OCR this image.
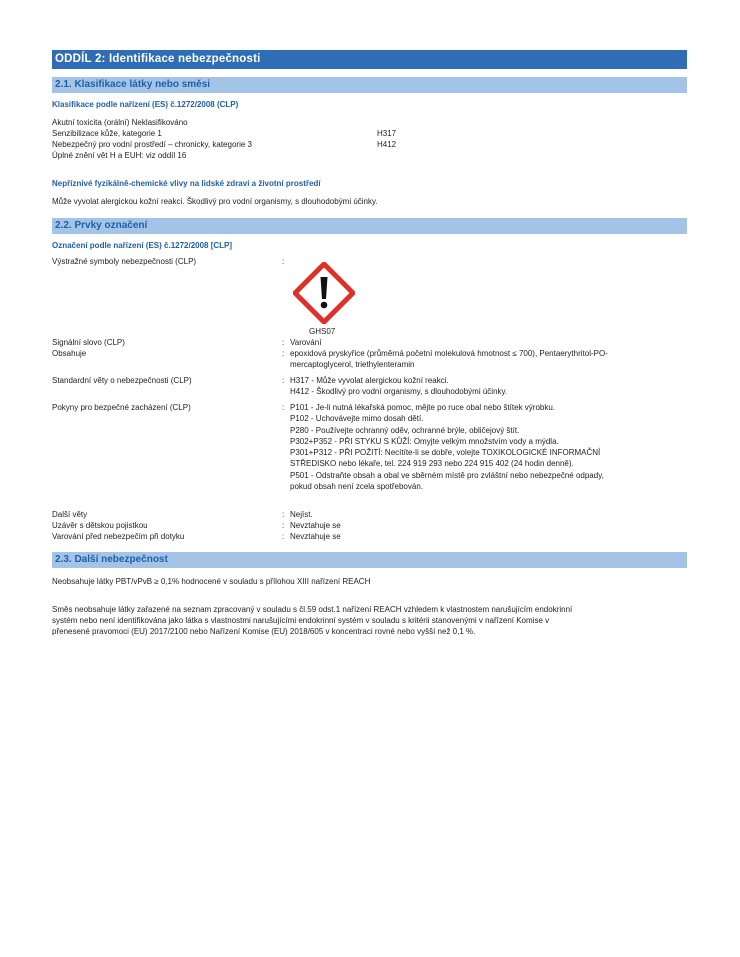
ODDÍL 2: Identifikace nebezpečnosti
2.1. Klasifikace látky nebo směsi
Klasifikace podle nařízení (ES) č.1272/2008 (CLP)
Akutní toxicita (orální) Neklasifikováno
Senzibilizace kůže, kategorie 1	H317
Nebezpečný pro vodní prostředí – chronicky, kategorie 3	H412
Úplné znění vět H a EUH: viz oddíl 16
Nepříznivé fyzikálně-chemické vlivy na lidské zdraví a životní prostředí
Může vyvolat alergickou kožní reakci. Škodlivý pro vodní organismy, s dlouhodobými účinky.
2.2. Prvky označení
Označení podle nařízení (ES) č.1272/2008 [CLP]
Výstražné symboly nebezpečnosti (CLP)	:
GHS07
Signální slovo (CLP)	: Varování
Obsahuje	: epoxidová pryskyřice (průměrná početní molekulová hmotnost ≤ 700), Pentaerythritol-PO-
mercaptoglycerol, triethylenteramin
Standardní věty o nebezpečnosti (CLP)	: H317 - Může vyvolat alergickou kožní reakci.
H412 - Škodlivý pro vodní organismy, s dlouhodobými účinky.
Pokyny pro bezpečné zacházení (CLP)	: P101 - Je-li nutná lékařská pomoc, mějte po ruce obal nebo štítek výrobku.
P102 - Uchovávejte mimo dosah dětí.
P280 - Používejte ochranný oděv, ochranné brýle, obličejový štít.
P302+P352 - PŘI STYKU S KŮŽÍ: Omyjte velkým množstvím vody a mýdla.
P301+P312 - PŘI POŽITÍ: Necítíte-li se dobře, volejte TOXIKOLOGICKÉ INFORMAČNÍ
STŘEDISKO nebo lékaře, tel. 224 919 293 nebo 224 915 402 (24 hodin denně).
P501 - Odstraňte obsah a obal ve sběrném místě pro zvláštní nebo nebezpečné odpady,
pokud obsah není zcela spotřebován.
Další věty	: Nejíst.
Uzávěr s dětskou pojistkou	: Nevztahuje se
Varování před nebezpečím při dotyku	: Nevztahuje se
2.3. Další nebezpečnost
Neobsahuje látky PBT/vPvB ≥ 0,1% hodnocené v souladu s přílohou XIII nařízení REACH
Směs neobsahuje látky zařazené na seznam zpracovaný v souladu s čl.59 odst.1 nařízení REACH vzhledem k vlastnostem narušujícím endokrinní
systém nebo není identifikována jako látka s vlastnostmi narušujícími endokrinní systém v souladu s kritérii stanovenými v nařízení Komise v
přenesené pravomoci (EU) 2017/2100 nebo Nařízení Komise (EU) 2018/605 v koncentraci rovné nebo vyšší než 0,1 %.
